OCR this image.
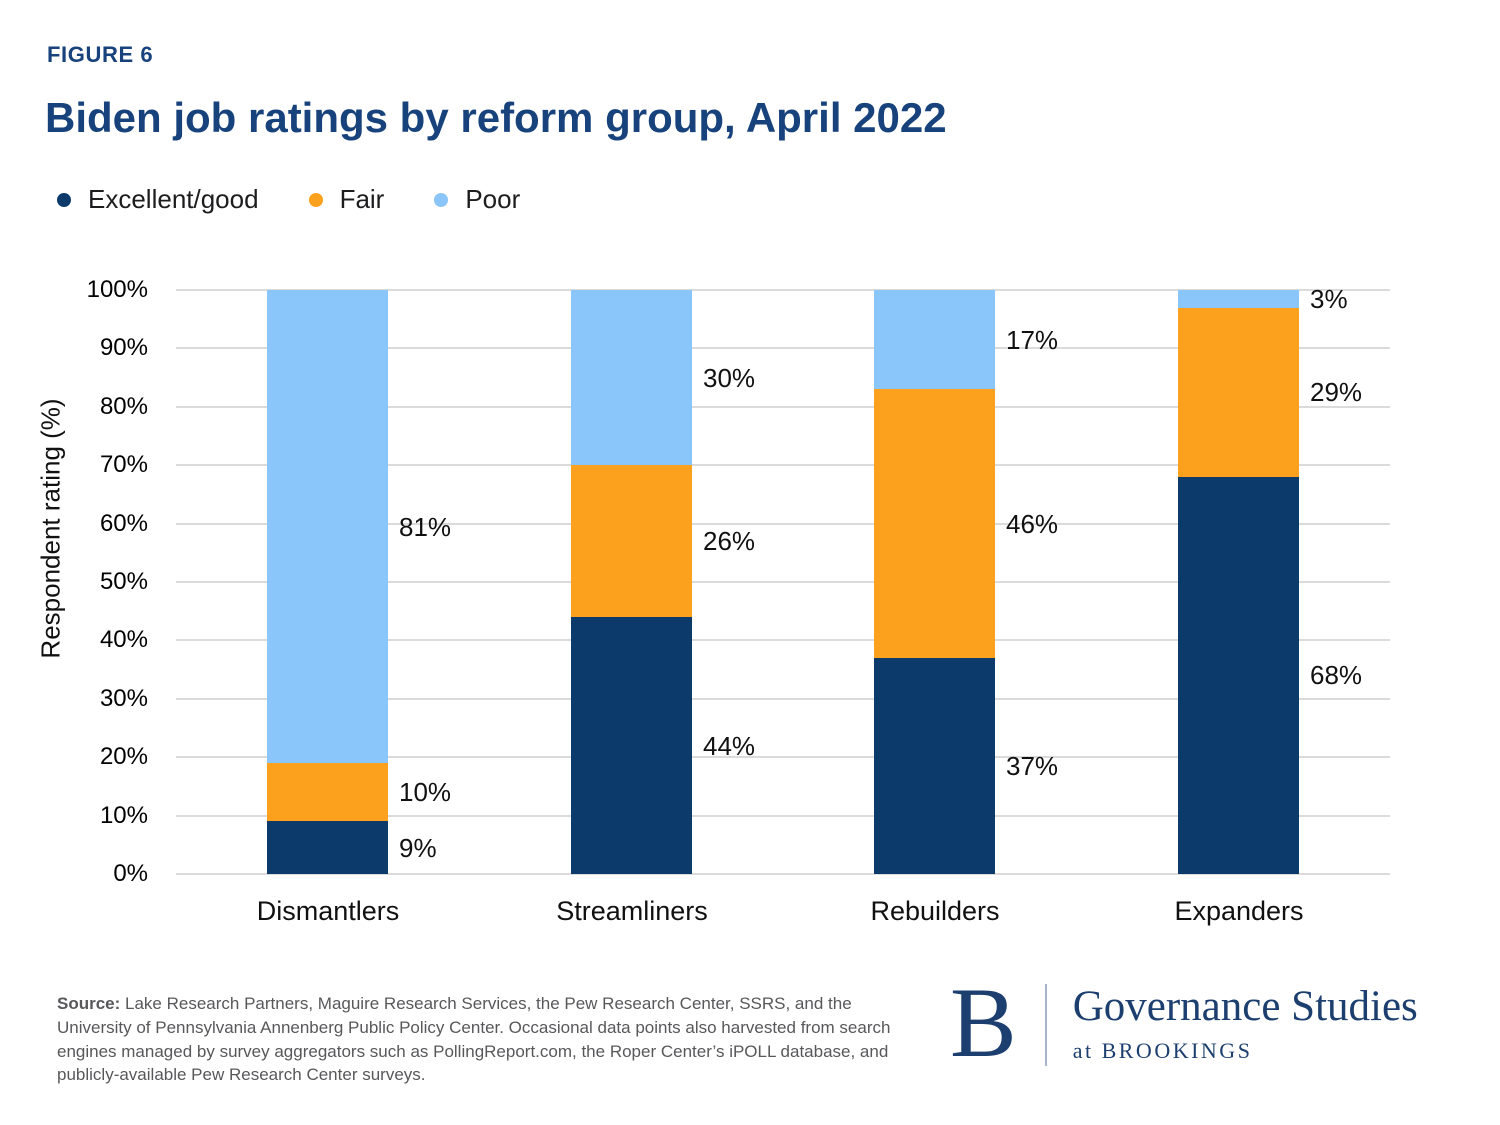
FIGURE 6
Biden job ratings by reform group, April 2022
Excellent/good	Fair	Poor
Respondent rating (%)
100%
90%
80%
70%
60%
50%
40%
30%
20%
10%
0%
9%
10%
81%
Dismantlers
44%
26%
30%
Streamliners
37%
46%
17%
Rebuilders
68%
29%
3%
Expanders

Source: Lake Research Partners, Maguire Research Services, the Pew Research Center, SSRS, and the University of Pennsylvania Annenberg Public Policy Center. Occasional data points also harvested from search engines managed by survey aggregators such as PollingReport.com, the Roper Center’s iPOLL database, and publicly-available Pew Research Center surveys.	B Governance Studies
at BROOKINGS
